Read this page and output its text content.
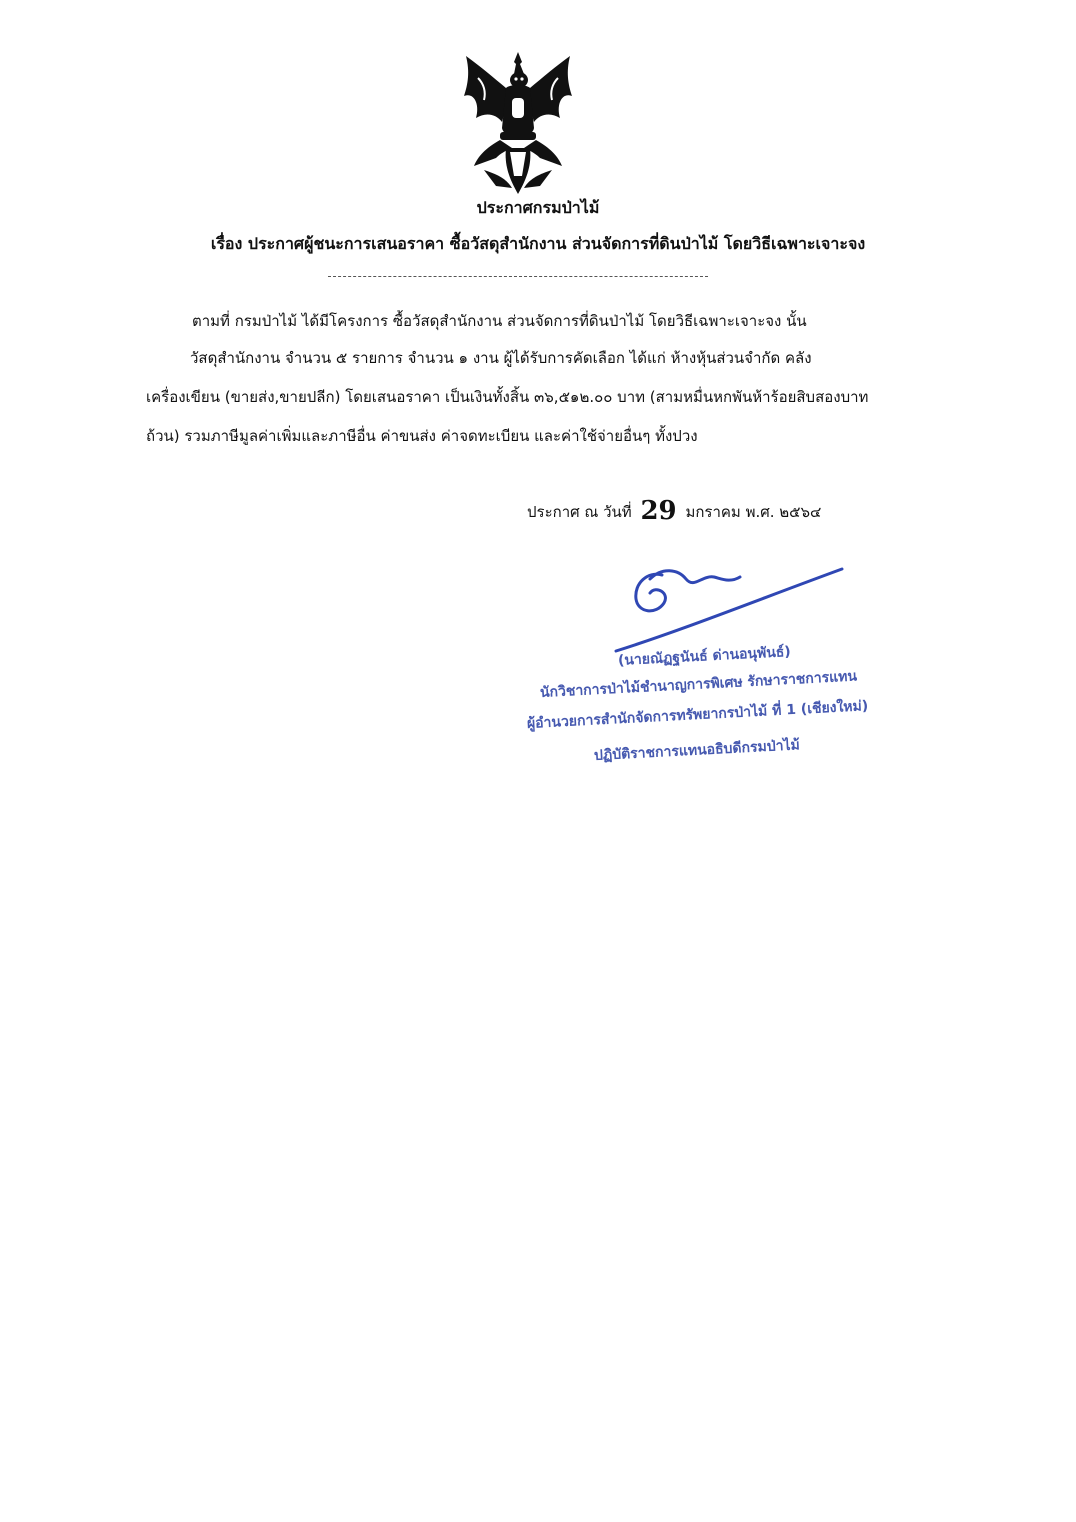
ประกาศกรมป่าไม้
เรื่อง ประกาศผู้ชนะการเสนอราคา ซื้อวัสดุสำนักงาน ส่วนจัดการที่ดินป่าไม้ โดยวิธีเฉพาะเจาะจง
ตามที่ กรมป่าไม้ ได้มีโครงการ ซื้อวัสดุสำนักงาน ส่วนจัดการที่ดินป่าไม้ โดยวิธีเฉพาะเจาะจง นั้น
วัสดุสำนักงาน จำนวน ๕ รายการ จำนวน ๑ งาน ผู้ได้รับการคัดเลือก ได้แก่ ห้างหุ้นส่วนจำกัด คลัง
เครื่องเขียน (ขายส่ง,ขายปลีก) โดยเสนอราคา เป็นเงินทั้งสิ้น ๓๖,๕๑๒.๐๐ บาท (สามหมื่นหกพันห้าร้อยสิบสองบาท
ถ้วน) รวมภาษีมูลค่าเพิ่มและภาษีอื่น ค่าขนส่ง ค่าจดทะเบียน และค่าใช้จ่ายอื่นๆ ทั้งปวง
ประกาศ ณ วันที่ 29 มกราคม พ.ศ. ๒๕๖๔
(นายณัฏฐนันธ์ ด่านอนุพันธ์)
นักวิชาการป่าไม้ชำนาญการพิเศษ รักษาราชการแทน
ผู้อำนวยการสำนักจัดการทรัพยากรป่าไม้ ที่ 1 (เชียงใหม่)
ปฏิบัติราชการแทนอธิบดีกรมป่าไม้
